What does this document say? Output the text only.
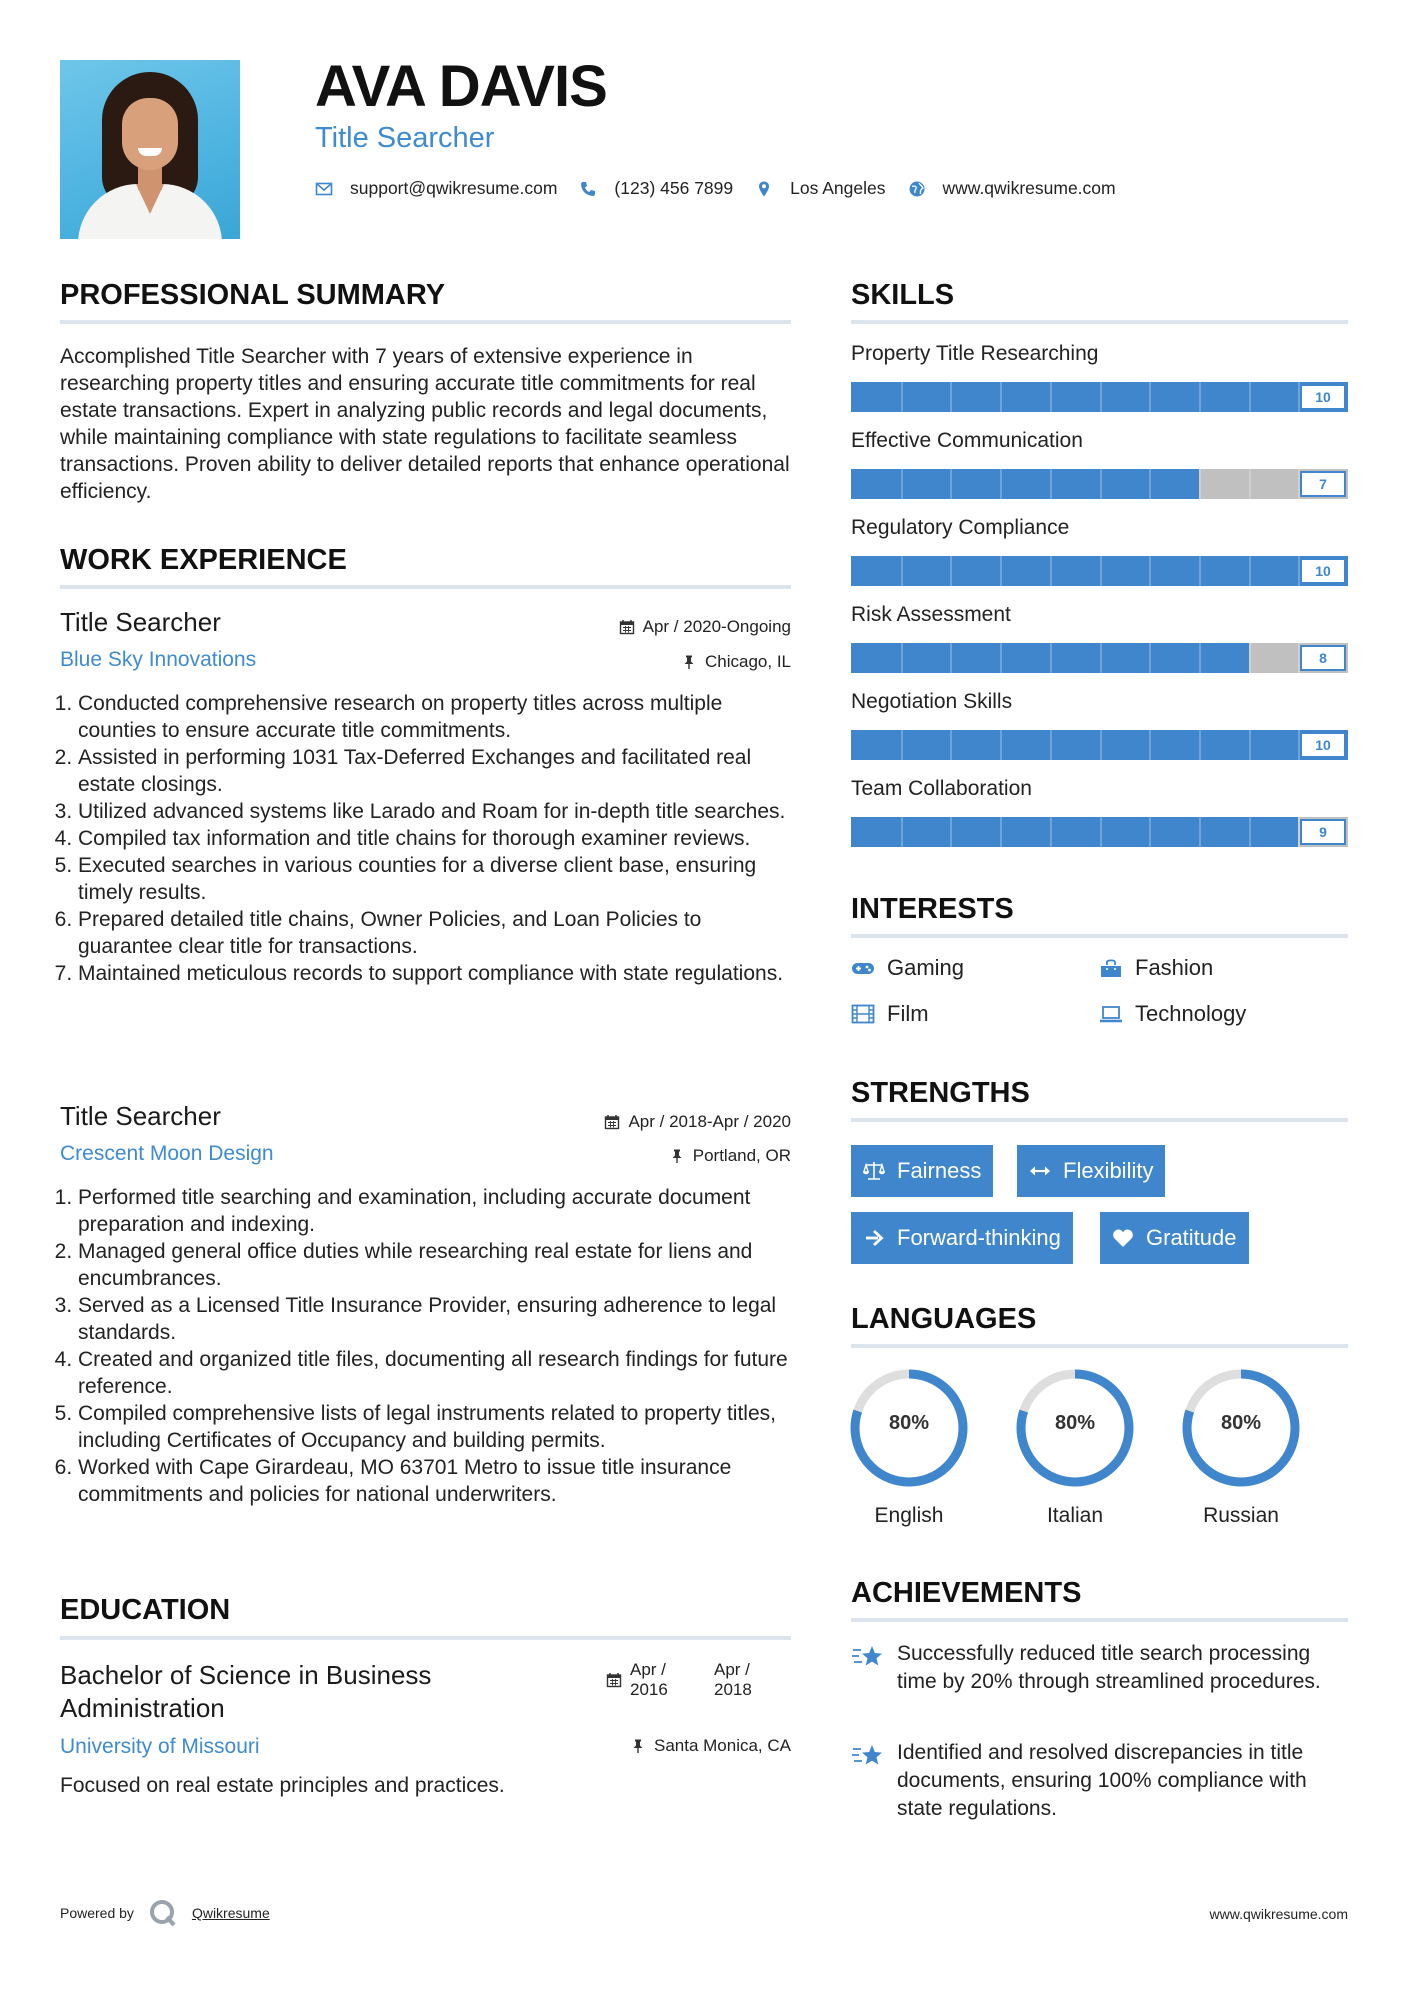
AVA DAVIS
Title Searcher
support@qwikresume.com	(123) 456 7899	Los Angeles	www.qwikresume.com
PROFESSIONAL SUMMARY
Accomplished Title Searcher with 7 years of extensive experience in researching property titles and ensuring accurate title commitments for real estate transactions. Expert in analyzing public records and legal documents, while maintaining compliance with state regulations to facilitate seamless transactions. Proven ability to deliver detailed reports that enhance operational efficiency.
WORK EXPERIENCE
Title Searcher	Apr / 2020-Ongoing
Blue Sky Innovations	Chicago, IL
1. Conducted comprehensive research on property titles across multiple counties to ensure accurate title commitments.
2. Assisted in performing 1031 Tax-Deferred Exchanges and facilitated real estate closings.
3. Utilized advanced systems like Larado and Roam for in-depth title searches.
4. Compiled tax information and title chains for thorough examiner reviews.
5. Executed searches in various counties for a diverse client base, ensuring timely results.
6. Prepared detailed title chains, Owner Policies, and Loan Policies to guarantee clear title for transactions.
7. Maintained meticulous records to support compliance with state regulations.
Title Searcher	Apr / 2018-Apr / 2020
Crescent Moon Design	Portland, OR
1. Performed title searching and examination, including accurate document preparation and indexing.
2. Managed general office duties while researching real estate for liens and encumbrances.
3. Served as a Licensed Title Insurance Provider, ensuring adherence to legal standards.
4. Created and organized title files, documenting all research findings for future reference.
5. Compiled comprehensive lists of legal instruments related to property titles, including Certificates of Occupancy and building permits.
6. Worked with Cape Girardeau, MO 63701 Metro to issue title insurance commitments and policies for national underwriters.
EDUCATION
Bachelor of Science in Business Administration
Apr / 2016
Apr / 2018
University of Missouri	Santa Monica, CA
Focused on real estate principles and practices.
SKILLS
Property Title Researching
10
Effective Communication
7
Regulatory Compliance
10
Risk Assessment
8
Negotiation Skills
10
Team Collaboration
9
INTERESTS
Gaming	Fashion
Film	Technology
STRENGTHS
Fairness	Flexibility
Forward-thinking	Gratitude
LANGUAGES
80%
English
80%
Italian
80%
Russian
ACHIEVEMENTS
Successfully reduced title search processing time by 20% through streamlined procedures.
Identified and resolved discrepancies in title documents, ensuring 100% compliance with state regulations.
Powered by	Qwikresume	www.qwikresume.com
